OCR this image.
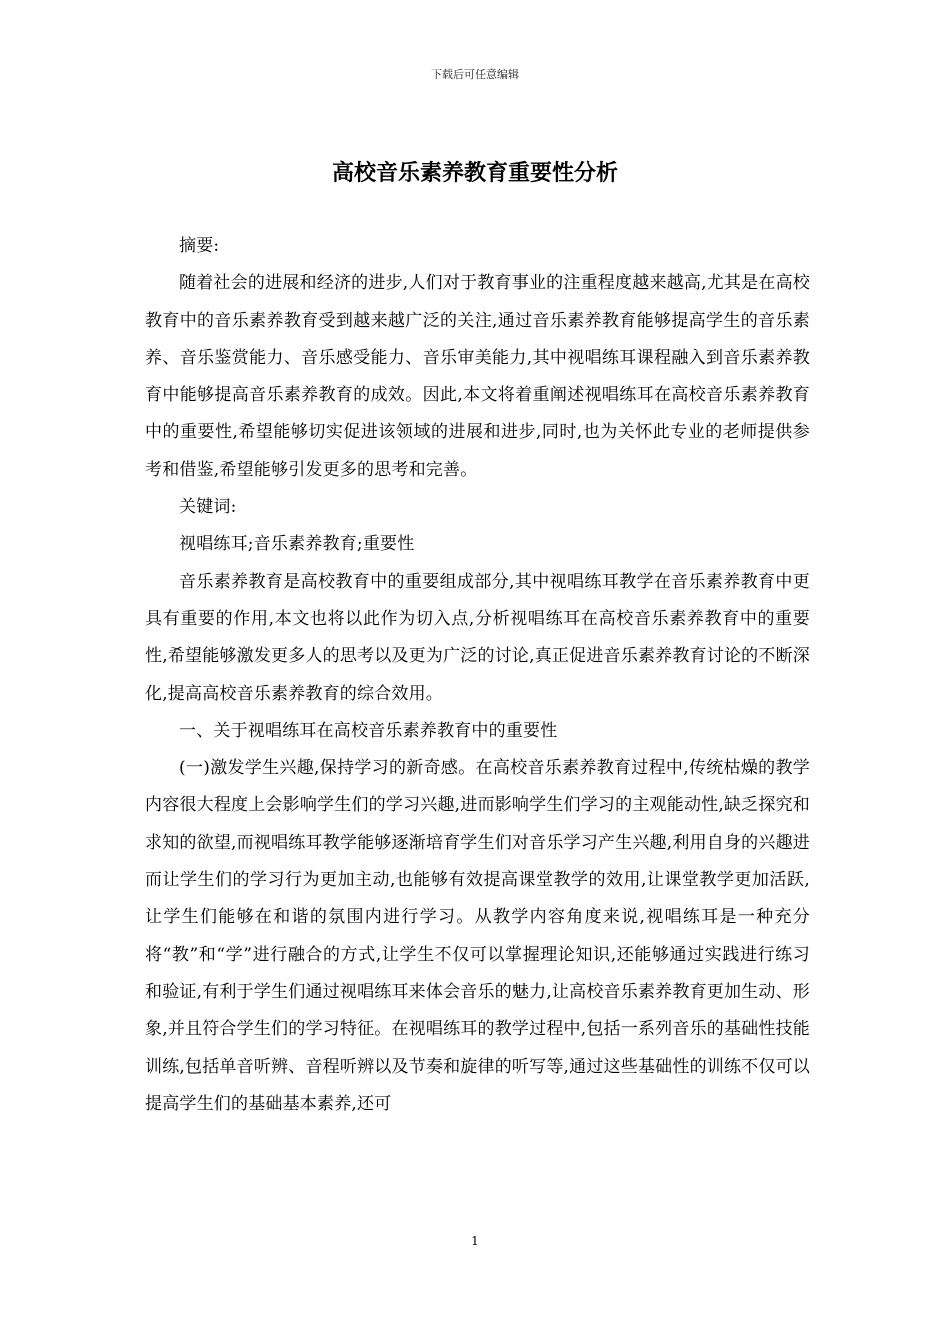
下载后可任意编辑
高校音乐素养教育重要性分析

摘要:

随着社会的进展和经济的进步,人们对于教育事业的注重程度越来越高,尤其是在高校教育中的音乐素养教育受到越来越广泛的关注,通过音乐素养教育能够提高学生的音乐素养、音乐鉴赏能力、音乐感受能力、音乐审美能力,其中视唱练耳课程融入到音乐素养教育中能够提高音乐素养教育的成效。因此,本文将着重阐述视唱练耳在高校音乐素养教育中的重要性,希望能够切实促进该领域的进展和进步,同时,也为关怀此专业的老师提供参考和借鉴,希望能够引发更多的思考和完善。

关键词:

视唱练耳;音乐素养教育;重要性

音乐素养教育是高校教育中的重要组成部分,其中视唱练耳教学在音乐素养教育中更具有重要的作用,本文也将以此作为切入点,分析视唱练耳在高校音乐素养教育中的重要性,希望能够激发更多人的思考以及更为广泛的讨论,真正促进音乐素养教育讨论的不断深化,提高高校音乐素养教育的综合效用。

一、关于视唱练耳在高校音乐素养教育中的重要性

(一)激发学生兴趣,保持学习的新奇感。在高校音乐素养教育过程中,传统枯燥的教学内容很大程度上会影响学生们的学习兴趣,进而影响学生们学习的主观能动性,缺乏探究和求知的欲望,而视唱练耳教学能够逐渐培育学生们对音乐学习产生兴趣,利用自身的兴趣进而让学生们的学习行为更加主动,也能够有效提高课堂教学的效用,让课堂教学更加活跃,让学生们能够在和谐的氛围内进行学习。从教学内容角度来说,视唱练耳是一种充分将“教”和“学”进行融合的方式,让学生不仅可以掌握理论知识,还能够通过实践进行练习和验证,有利于学生们通过视唱练耳来体会音乐的魅力,让高校音乐素养教育更加生动、形象,并且符合学生们的学习特征。在视唱练耳的教学过程中,包括一系列音乐的基础性技能训练,包括单音听辨、音程听辨以及节奏和旋律的听写等,通过这些基础性的训练不仅可以提高学生们的基础基本素养,还可

1
